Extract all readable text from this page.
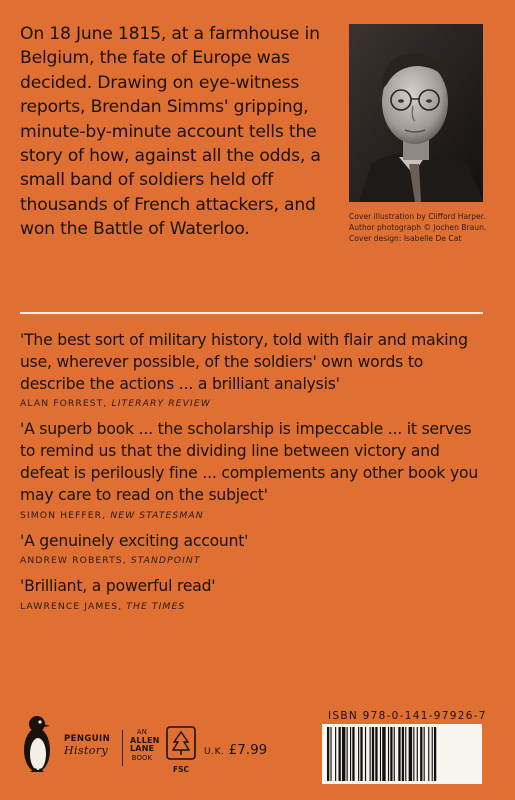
On 18 June 1815, at a farmhouse in Belgium, the fate of Europe was decided. Drawing on eye-witness reports, Brendan Simms' gripping, minute-by-minute account tells the story of how, against all the odds, a small band of soldiers held off thousands of French attackers, and won the Battle of Waterloo.

Cover illustration by Clifford Harper. Author photograph © Jochen Braun. Cover design: Isabelle De Cat

'The best sort of military history, told with flair and making use, wherever possible, of the soldiers' own words to describe the actions ... a brilliant analysis'

ALAN FORREST, LITERARY REVIEW

'A superb book ... the scholarship is impeccable ... it serves to remind us that the dividing line between victory and defeat is perilously fine ... complements any other book you may care to read on the subject'

SIMON HEFFER, NEW STATESMAN

'A genuinely exciting account'

ANDREW ROBERTS, STANDPOINT

'Brilliant, a powerful read'

LAWRENCE JAMES, THE TIMES

PENGUIN
History

AN

ALLEN
LANE
BOOK

FSC

U.K. £7.99

ISBN 978-0-141-97926-7
